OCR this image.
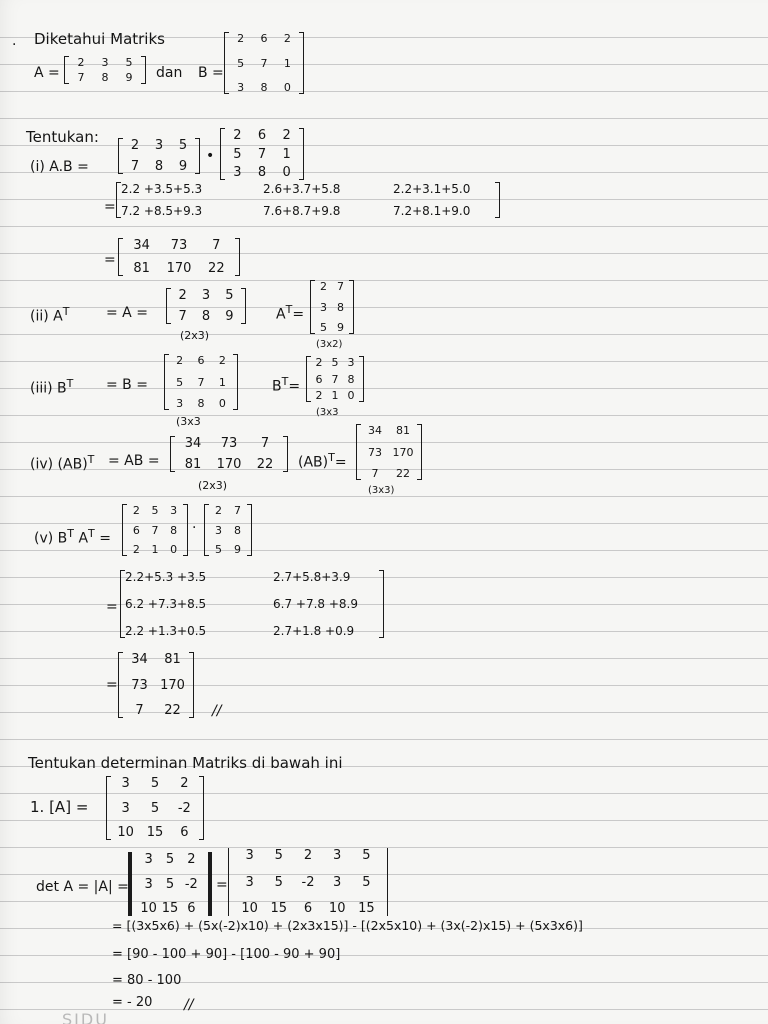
. Diketahui Matriks
A =
2	3	5
7	8	9	dan B =
2	6	2
5	7	1
3	8	0
Tentukan:
(i) A.B =
2	3	5
7	8	9
•
2	6	2
5	7	1
3	8	0
=
2.2 +3.5+5.3	2.6+3.7+5.8	2.2+3.1+5.0
7.2 +8.5+9.3	7.6+8.7+9.8	7.2+8.1+9.0
=
34	73	7
81	170	22
(ii) $A^T$	= A =
2	3	5
7	8	9
(2x3)
$A^T=$
2 7
3 8
5 9
(3x2)
(iii) $B^T = B$ =
2	6	2
5	7	1
3	8	0
(3x3
$B^T=$
2 5 3
6 7 8
2 1 0
(3x3
(iv) (AB)$^T$ = AB =
34	73	7
81	170	22
(2x3)
(AB)$^T$=
34	81
73 170
7	22
(3x3)
(v) $B^T$ $A^T$ =
2	5	3
6	7	8
2	1	0
·
2	7
3	8
5	9
=
2.2+5.3 +3.5	2.7+5.8+3.9
6.2 +7.3+8.5	6.7 +7.8 +8.9
2.2 +1.3+0.5	2.7+1.8 +0.9
=
34	81
73 170
7	22	//
Tentukan determinan Matriks di bawah ini
1. [A] =
3	5	2
3	5	-2
10 15	6
det A = |A| =
3	5	2
3	5 -2
10 15 6
=
3	5	2	3	5
3	5	-2	3	5
10 15	6	10 15
= [(3x5x6) + (5x(-2)x10) + (2x3x15)] - [(2x5x10) + (3x(-2)x15) + (5x3x6)]
= [90 - 100 + 90] - [100 - 90 + 90]
= 80 - 100
= - 20 //
SIDU
